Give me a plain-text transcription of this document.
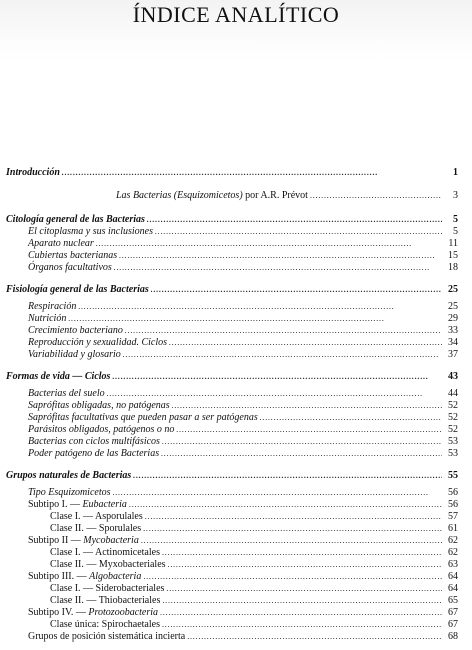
ÍNDICE ANALÍTICO
Introducción . . .	1
Las Bacterias (Esquizomicetos) por A.R. Prévot . . .	3
Citología general de las Bacterias . . .	5
El citoplasma y sus inclusiones . . .	5
Aparato nuclear . . .	11
Cubiertas bacterianas . . .	15
Órganos facultativos . . .	18
Fisiología general de las Bacterias . . .	25
Respiración . . .	25
Nutrición . . .	29
Crecimiento bacteriano . . .	33
Reproducción y sexualidad. Ciclos . . .	34
Variabilidad y glosario . . .	37
Formas de vida — Ciclos . . .	43
Bacterias del suelo . . .	44
Saprófitas obligadas, no patógenas . . .	52
Saprófitas facultativas que pueden pasar a ser patógenas . . .	52
Parásitos obligados, patógenos o no . . .	52
Bacterias con ciclos multifásicos . . .	53
Poder patógeno de las Bacterias . . .	53
Grupos naturales de Bacterias . . .	55
Tipo Esquizomicetos . . .	56
Subtipo I. — Eubacteria . . .	56
Clase I. — Asporulales . . .	57
Clase II. — Sporulales . . .	61
Subtipo II — Mycobacteria . . .	62
Clase I. — Actinomicetales . . .	62
Clase II. — Myxobacteriales . . .	63
Subtipo III. — Algobacteria . . .	64
Clase I. — Siderobacteriales . . .	64
Clase II. — Thiobacteriales . . .	65
Subtipo IV. — Protozoobacteria . . .	67
Clase única: Spirochaetales . . .	67
Grupos de posición sistemática incierta . . .	68
